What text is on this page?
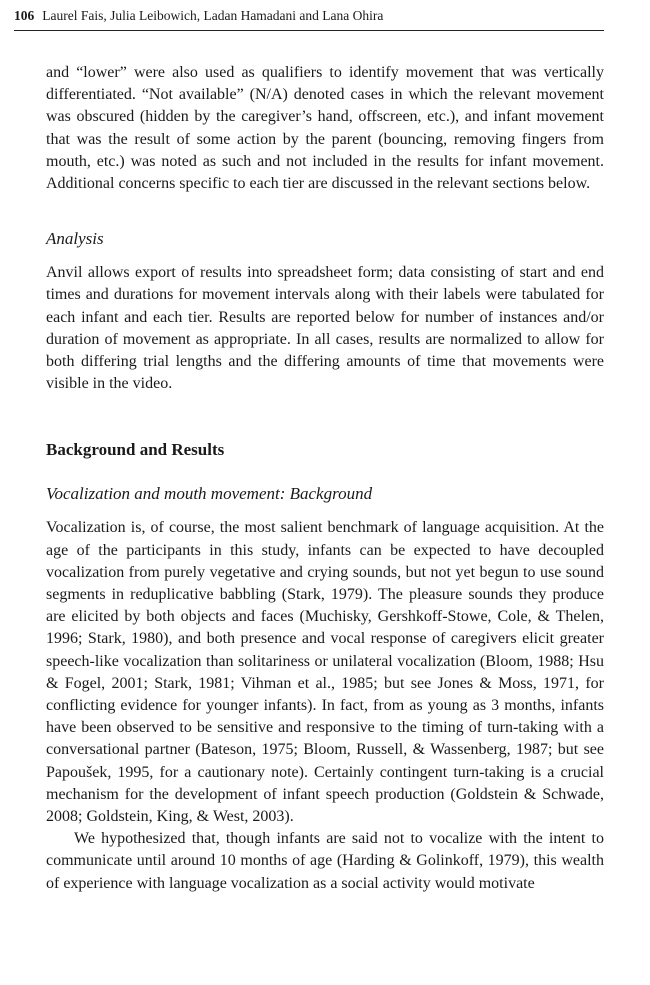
106 Laurel Fais, Julia Leibowich, Ladan Hamadani and Lana Ohira

and “lower” were also used as qualifiers to identify movement that was vertically differentiated. “Not available” (N/A) denoted cases in which the relevant movement was obscured (hidden by the caregiver’s hand, offscreen, etc.), and infant movement that was the result of some action by the parent (bouncing, removing fingers from mouth, etc.) was noted as such and not included in the results for infant movement. Additional concerns specific to each tier are discussed in the relevant sections below.

Analysis

Anvil allows export of results into spreadsheet form; data consisting of start and end times and durations for movement intervals along with their labels were tabulated for each infant and each tier. Results are reported below for number of instances and/or duration of movement as appropriate. In all cases, results are normalized to allow for both differing trial lengths and the differing amounts of time that movements were visible in the video.

Background and Results
Vocalization and mouth movement: Background

Vocalization is, of course, the most salient benchmark of language acquisition. At the age of the participants in this study, infants can be expected to have decoupled vocalization from purely vegetative and crying sounds, but not yet begun to use sound segments in reduplicative babbling (Stark, 1979). The pleasure sounds they produce are elicited by both objects and faces (Muchisky, Gershkoff-Stowe, Cole, & Thelen, 1996; Stark, 1980), and both presence and vocal response of caregivers elicit greater speech-like vocalization than solitariness or unilateral vocalization (Bloom, 1988; Hsu & Fogel, 2001; Stark, 1981; Vihman et al., 1985; but see Jones & Moss, 1971, for conflicting evidence for younger infants). In fact, from as young as 3 months, infants have been observed to be sensitive and responsive to the timing of turn-taking with a conversational partner (Bateson, 1975; Bloom, Russell, & Wassenberg, 1987; but see Papoušek, 1995, for a cautionary note). Certainly contingent turn-taking is a crucial mechanism for the development of infant speech production (Goldstein & Schwade, 2008; Goldstein, King, & West, 2003).

We hypothesized that, though infants are said not to vocalize with the intent to communicate until around 10 months of age (Harding & Golinkoff, 1979), this wealth of experience with language vocalization as a social activity would motivate
